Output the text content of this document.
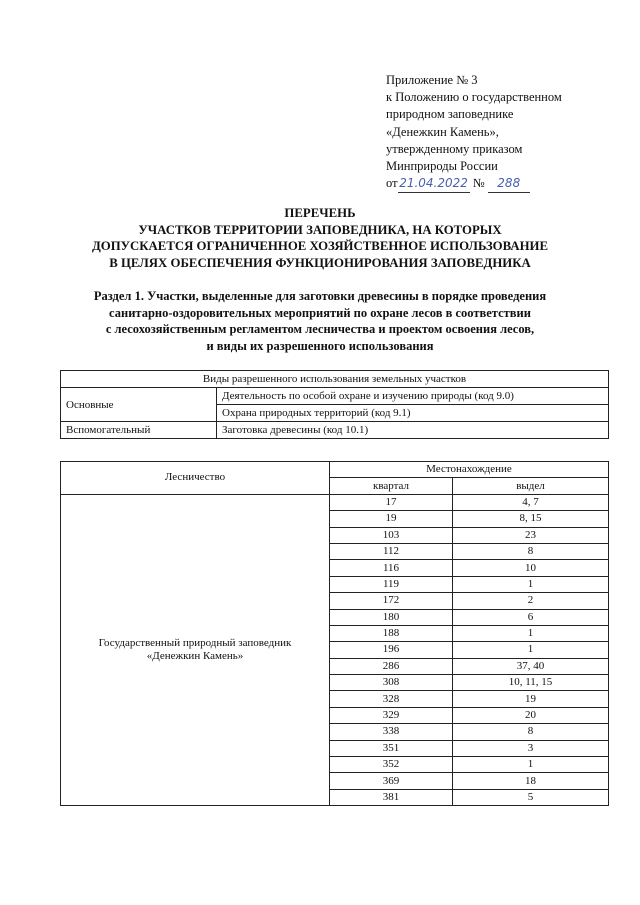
Приложение № 3
к Положению о государственном
природном заповеднике
«Денежкин Камень»,
утвержденному приказом
Минприроды России
от 21.04.2022 № 288
ПЕРЕЧЕНЬ
УЧАСТКОВ ТЕРРИТОРИИ ЗАПОВЕДНИКА, НА КОТОРЫХ
ДОПУСКАЕТСЯ ОГРАНИЧЕННОЕ ХОЗЯЙСТВЕННОЕ ИСПОЛЬЗОВАНИЕ
В ЦЕЛЯХ ОБЕСПЕЧЕНИЯ ФУНКЦИОНИРОВАНИЯ ЗАПОВЕДНИКА
Раздел 1. Участки, выделенные для заготовки древесины в порядке проведения
санитарно-оздоровительных мероприятий по охране лесов в соответствии
с лесохозяйственным регламентом лесничества и проектом освоения лесов,
и виды их разрешенного использования
Виды разрешенного использования земельных участков	
Основные	Деятельность по особой охране и изучению природы (код 9.0)
	Охрана природных территорий (код 9.1)
Вспомогательный	Заготовка древесины (код 10.1)
Лесничество	Местонахождение	
	квартал	выдел

Государственный природный заповедник
«Денежкин Камень»	17	4, 7
	19	8, 15
	103	23
	112	8
	116	10
	119	1
	172	2
	180	6
	188	1
	196	1
	286	37, 40
	308	10, 11, 15
	328	19
	329	20
	338	8
	351	3
	352	1
	369	18
	381	5
